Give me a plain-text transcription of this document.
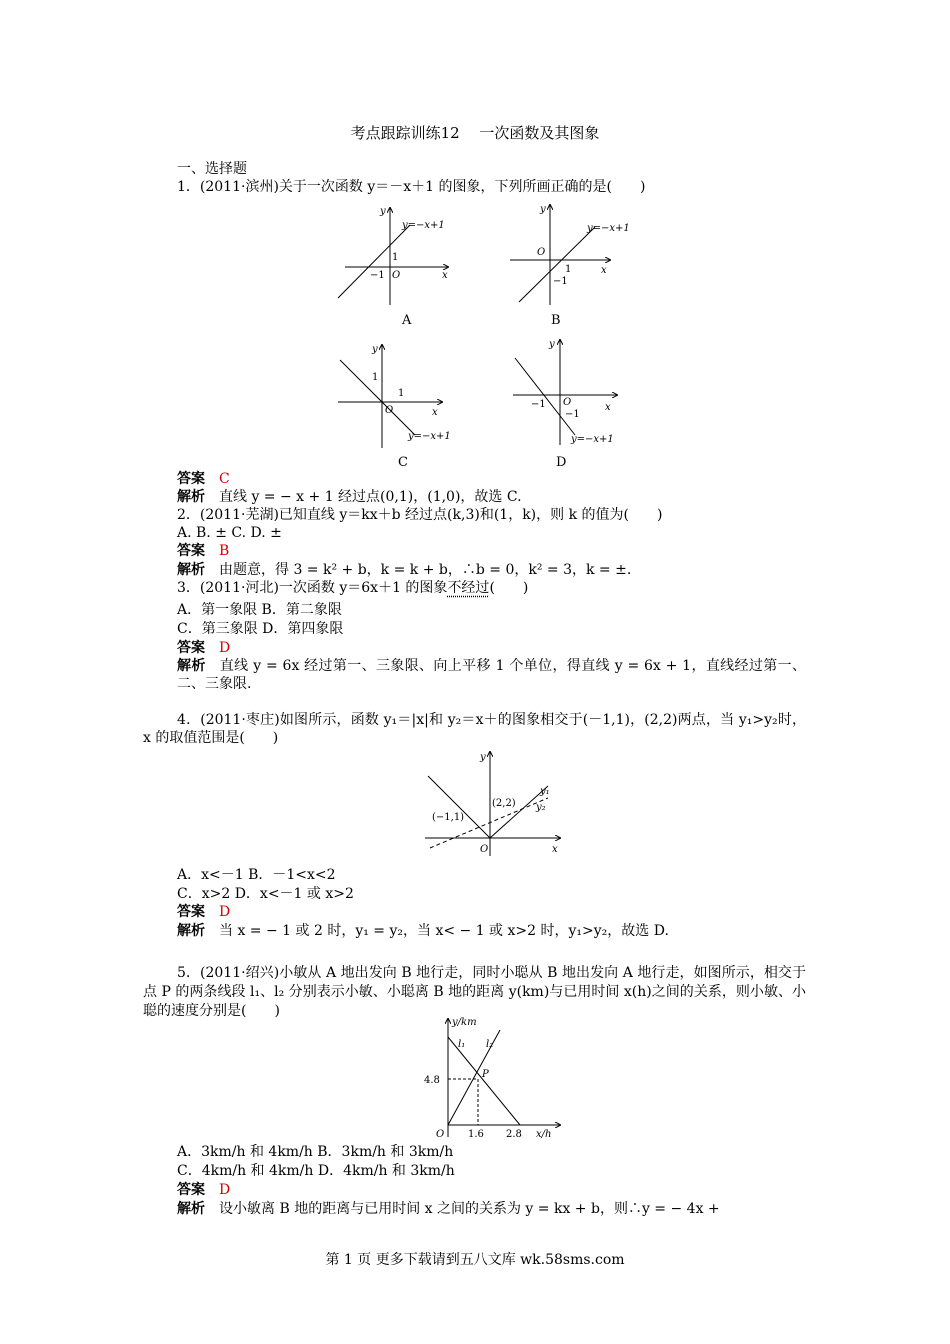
考点跟踪训练12　 一次函数及其图象
一、选择题
1．(2011·滨州)关于一次函数 y＝－x＋1 的图象，下列所画正确的是(　　)
y
x
O
−1
1
y=−x+1
A
y
x
O
1
−1
y=−x+1
B
y
x
O
1
1
y=−x+1
C
y
x
O
−1
−1
y=−x+1
D
答案 C
解析 直线 y = − x + 1 经过点(0,1)，(1,0)，故选 C.
2．(2011·芜湖)已知直线 y＝kx＋b 经过点(k,3)和(1，k)，则 k 的值为(　　)
A. B. ± C. D. ±
答案 B
解析 由题意，得 3 = k² + b，k = k + b，∴b = 0，k² = 3，k = ±.
3．(2011·河北)一次函数 y＝6x＋1 的图象不经过(　　)
A．第一象限 B．第二象限
C．第三象限 D．第四象限
答案 D
解析 直线 y = 6x 经过第一、三象限、向上平移 1 个单位，得直线 y = 6x + 1，直线经过第一、二、三象限.
4．(2011·枣庄)如图所示，函数 y₁＝|x|和 y₂＝x＋的图象相交于(－1,1)，(2,2)两点，当 y₁>y₂时，x 的取值范围是(　　)
y
x
O
(−1,1)
(2,2)
y₁
y₂
A．x<－1 B．－1<x<2
C．x>2 D．x<－1 或 x>2
答案 D
解析 当 x = − 1 或 2 时，y₁ = y₂，当 x< − 1 或 x>2 时，y₁>y₂，故选 D.
5．(2011·绍兴)小敏从 A 地出发向 B 地行走，同时小聪从 B 地出发向 A 地行走，如图所示，相交于点 P 的两条线段 l₁、l₂ 分别表示小敏、小聪离 B 地的距离 y(km)与已用时间 x(h)之间的关系，则小敏、小聪的速度分别是(　　)
y/km
x/h
O
l₁ l₂
P
4.8
1.6 2.8
A．3km/h 和 4km/h B．3km/h 和 3km/h
C．4km/h 和 4km/h D．4km/h 和 3km/h
答案 D
解析 设小敏离 B 地的距离与已用时间 x 之间的关系为 y = kx + b，则∴y = − 4x +
第 1 页 更多下载请到五八文库 wk.58sms.com
